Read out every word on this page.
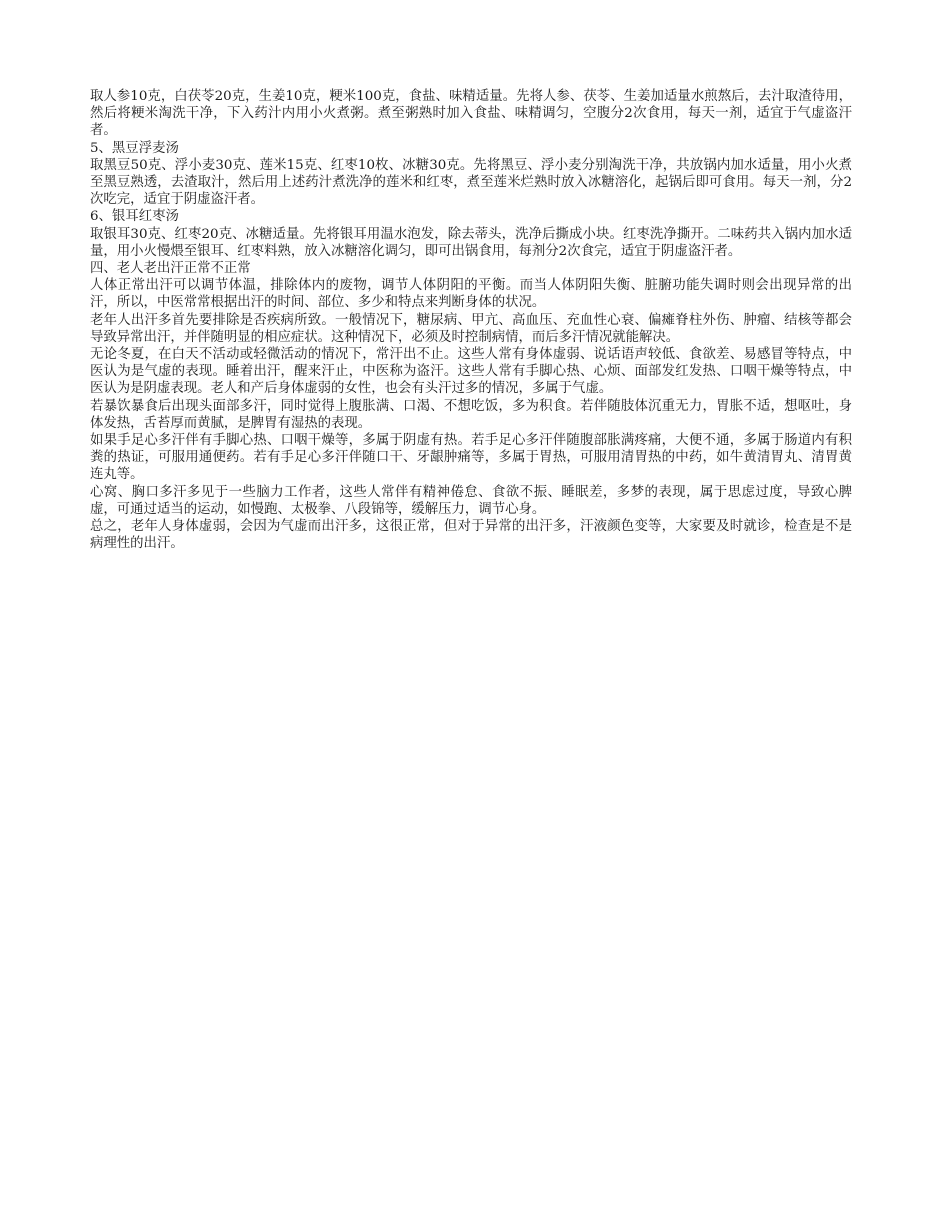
取人参10克，白茯苓20克，生姜10克，粳米100克，食盐、味精适量。先将人参、茯苓、生姜加适量水煎熬后，去汁取渣待用，然后将粳米淘洗干净，下入药汁内用小火煮粥。煮至粥熟时加入食盐、味精调匀，空腹分2次食用，每天一剂，适宜于气虚盗汗者。

5、黑豆浮麦汤

取黑豆50克、浮小麦30克、莲米15克、红枣10枚、冰糖30克。先将黑豆、浮小麦分别淘洗干净，共放锅内加水适量，用小火煮至黑豆熟透，去渣取汁，然后用上述药汁煮洗净的莲米和红枣，煮至莲米烂熟时放入冰糖溶化，起锅后即可食用。每天一剂，分2次吃完，适宜于阴虚盗汗者。

6、银耳红枣汤

取银耳30克、红枣20克、冰糖适量。先将银耳用温水泡发，除去蒂头，洗净后撕成小块。红枣洗净撕开。二味药共入锅内加水适量，用小火慢煨至银耳、红枣料熟，放入冰糖溶化调匀，即可出锅食用，每剂分2次食完，适宜于阴虚盗汗者。

四、老人老出汗正常不正常

人体正常出汗可以调节体温，排除体内的废物，调节人体阴阳的平衡。而当人体阴阳失衡、脏腑功能失调时则会出现异常的出汗，所以，中医常常根据出汗的时间、部位、多少和特点来判断身体的状况。

老年人出汗多首先要排除是否疾病所致。一般情况下，糖尿病、甲亢、高血压、充血性心衰、偏瘫脊柱外伤、肿瘤、结核等都会导致异常出汗，并伴随明显的相应症状。这种情况下，必须及时控制病情，而后多汗情况就能解决。

无论冬夏，在白天不活动或轻微活动的情况下，常汗出不止。这些人常有身体虚弱、说话语声较低、食欲差、易感冒等特点，中医认为是气虚的表现。睡着出汗，醒来汗止，中医称为盗汗。这些人常有手脚心热、心烦、面部发红发热、口咽干燥等特点，中医认为是阴虚表现。老人和产后身体虚弱的女性，也会有头汗过多的情况，多属于气虚。

若暴饮暴食后出现头面部多汗，同时觉得上腹胀满、口渴、不想吃饭，多为积食。若伴随肢体沉重无力，胃胀不适，想呕吐，身体发热，舌苔厚而黄腻，是脾胃有湿热的表现。

如果手足心多汗伴有手脚心热、口咽干燥等，多属于阴虚有热。若手足心多汗伴随腹部胀满疼痛，大便不通，多属于肠道内有积粪的热证，可服用通便药。若有手足心多汗伴随口干、牙龈肿痛等，多属于胃热，可服用清胃热的中药，如牛黄清胃丸、清胃黄连丸等。

心窝、胸口多汗多见于一些脑力工作者，这些人常伴有精神倦怠、食欲不振、睡眠差，多梦的表现，属于思虑过度，导致心脾虚，可通过适当的运动，如慢跑、太极拳、八段锦等，缓解压力，调节心身。

总之，老年人身体虚弱，会因为气虚而出汗多，这很正常，但对于异常的出汗多，汗液颜色变等，大家要及时就诊，检查是不是病理性的出汗。
